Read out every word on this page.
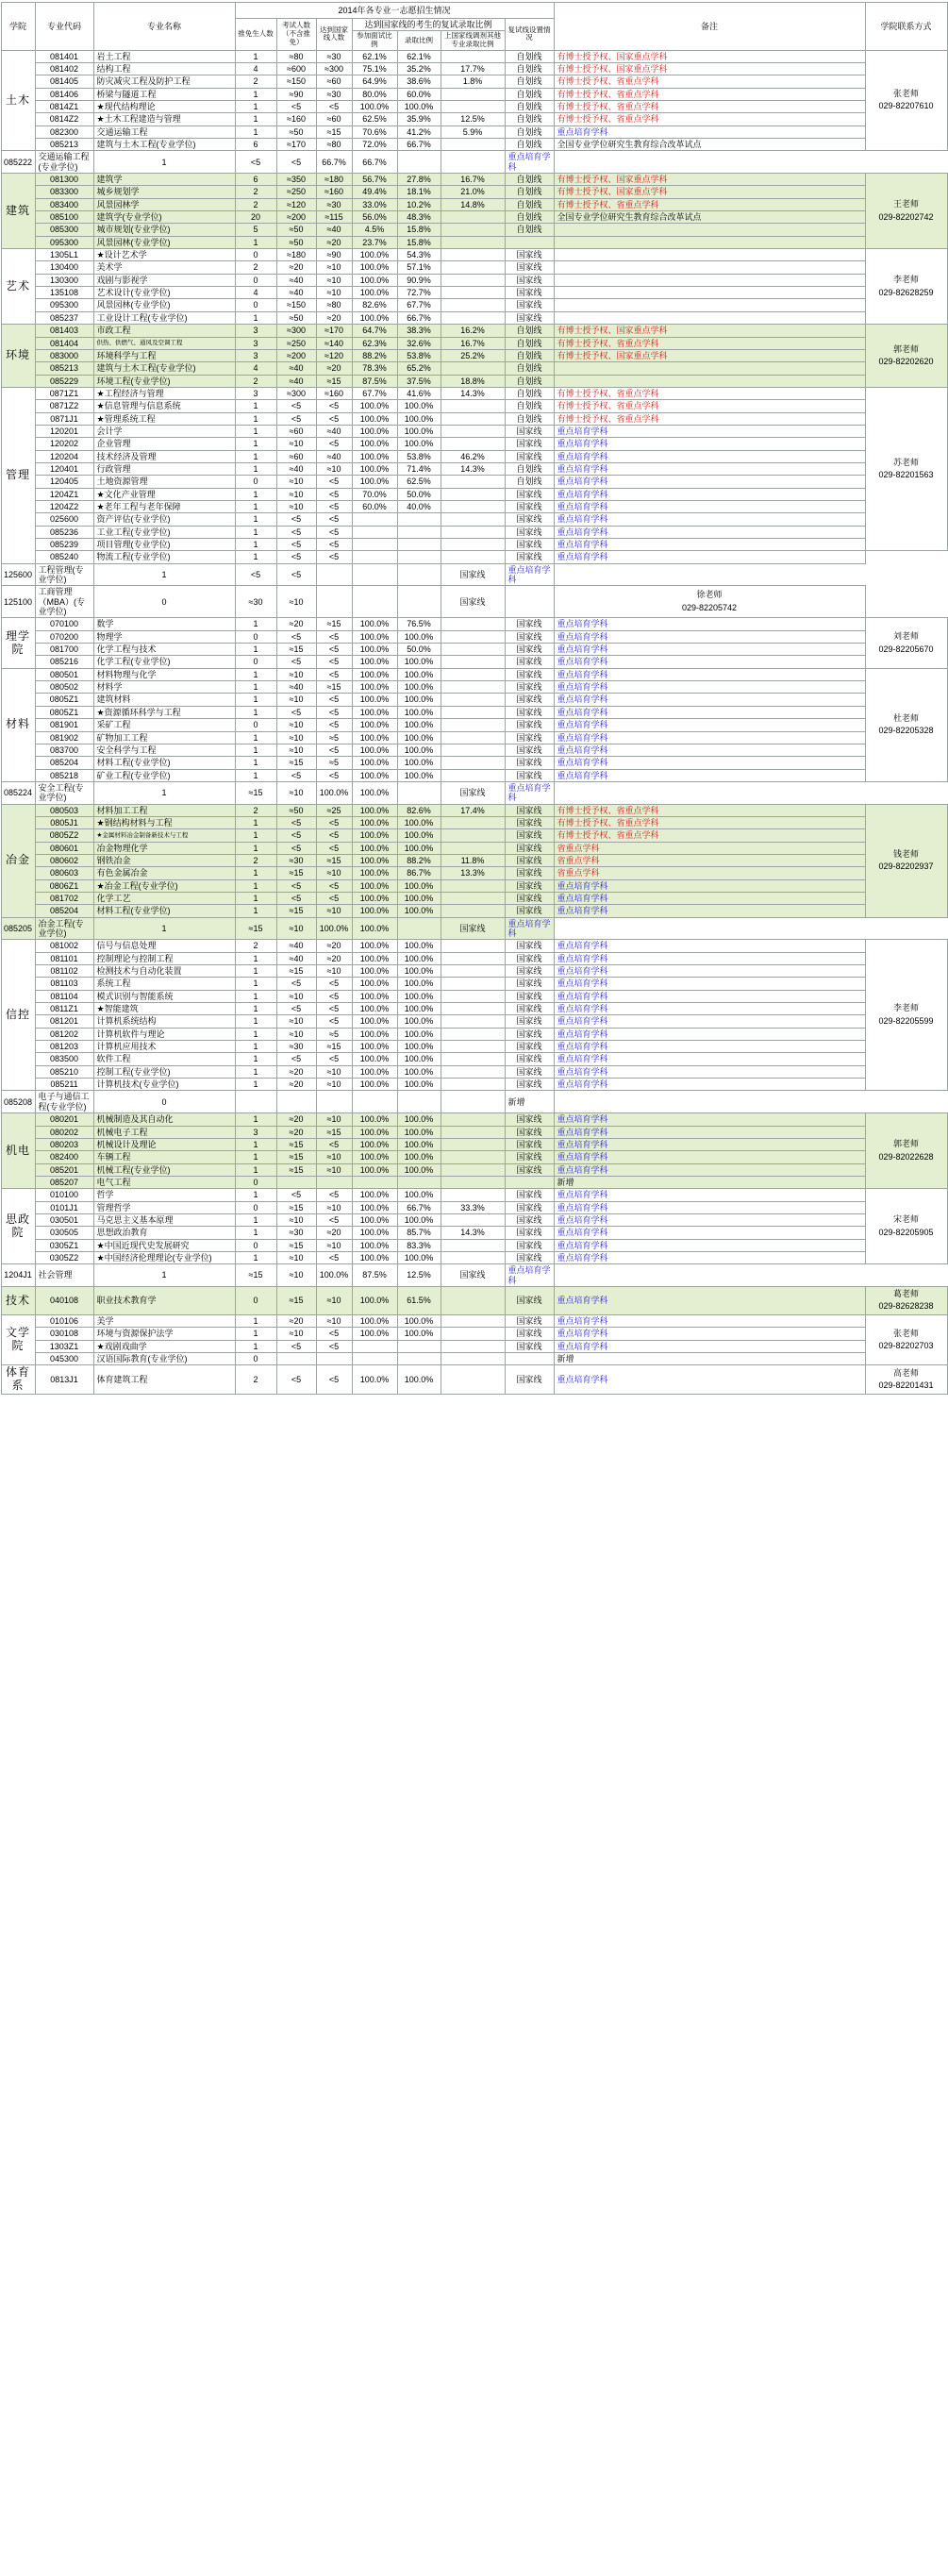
学院	专业代码	专业名称	2014年各专业一志愿招生情况							备注	学院联系方式
			推免生人数	考试人数（不含推免）	达到国家线人数	达到国家线的考生的复试录取比例			复试线设置情况		
						参加面试比例	录取比例	上国家线调剂其他专业录取比例			
土木	081401	岩土工程	1	≈80	≈30	62.1%	62.1%		自划线	有博士授予权、国家重点学科	张老师
029-82207610

	081402	结构工程	4	≈600	≈300	75.1%	35.2%	17.7%	自划线	有博士授予权、国家重点学科	
	081405	防灾减灾工程及防护工程	2	≈150	≈60	64.9%	38.6%	1.8%	自划线	有博士授予权、省重点学科	
	081406	桥梁与隧道工程	1	≈90	≈30	80.0%	60.0%		自划线	有博士授予权、省重点学科	
	0814Z1	★现代结构理论	1	<5	<5	100.0%	100.0%		自划线	有博士授予权、省重点学科	
	0814Z2	★土木工程建造与管理	1	≈160	≈60	62.5%	35.9%	12.5%	自划线	有博士授予权、省重点学科	
	082300	交通运输工程	1	≈50	≈15	70.6%	41.2%	5.9%	自划线	重点培育学科	
	085213	建筑与土木工程(专业学位)	6	≈170	≈80	72.0%	66.7%		自划线	全国专业学位研究生教育综合改革试点	
085222	交通运输工程(专业学位)	1	<5	<5	66.7%	66.7%			重点培育学科		
建筑	081300	建筑学	6	≈350	≈180	56.7%	27.8%	16.7%	自划线	有博士授予权、国家重点学科	王老师
029-82202742

	083300	城乡规划学	2	≈250	≈160	49.4%	18.1%	21.0%	自划线	有博士授予权、国家重点学科	
	083400	风景园林学	2	≈120	≈30	33.0%	10.2%	14.8%	自划线	有博士授予权、省重点学科	
	085100	建筑学(专业学位)	20	≈200	≈115	56.0%	48.3%		自划线	全国专业学位研究生教育综合改革试点	
	085300	城市规划(专业学位)	5	≈50	≈40	4.5%	15.8%		自划线		
	095300	风景园林(专业学位)	1	≈50	≈20	23.7%	15.8%				
艺术	1305L1	★设计艺术学	0	≈180	≈90	100.0%	54.3%		国家线		李老师
029-82628259

	130400	美术学	2	≈20	≈10	100.0%	57.1%		国家线		
	130300	戏剧与影视学	0	≈40	≈10	100.0%	90.9%		国家线		
	135108	艺术设计(专业学位)	4	≈40	≈10	100.0%	72.7%		国家线		
	095300	风景园林(专业学位)	0	≈150	≈80	82.6%	67.7%		国家线		
	085237	工业设计工程(专业学位)	1	≈50	≈20	100.0%	66.7%		国家线		
环境	081403	市政工程	3	≈300	≈170	64.7%	38.3%	16.2%	自划线	有博士授予权、国家重点学科	郭老师
029-82202620

	081404	供热、供燃气、通风及空调工程	3	≈250	≈140	62.3%	32.6%	16.7%	自划线	有博士授予权、省重点学科	
	083000	环境科学与工程	3	≈200	≈120	88.2%	53.8%	25.2%	自划线	有博士授予权、国家重点学科	
	085213	建筑与土木工程(专业学位)	4	≈40	≈20	78.3%	65.2%		自划线		
	085229	环境工程(专业学位)	2	≈40	≈15	87.5%	37.5%	18.8%	自划线		
管理	0871Z1	★工程经济与管理	3	≈300	≈160	67.7%	41.6%	14.3%	自划线	有博士授予权、省重点学科	苏老师
029-82201563

	0871Z2	★信息管理与信息系统	1	<5	<5	100.0%	100.0%		自划线	有博士授予权、省重点学科	
	0871J1	★管理系统工程	1	<5	<5	100.0%	100.0%		自划线	有博士授予权、省重点学科	
	120201	会计学	1	≈60	≈40	100.0%	100.0%		国家线	重点培育学科	
	120202	企业管理	1	≈10	<5	100.0%	100.0%		国家线	重点培育学科	
	120204	技术经济及管理	1	≈60	≈40	100.0%	53.8%	46.2%	国家线	重点培育学科	
	120401	行政管理	1	≈40	≈10	100.0%	71.4%	14.3%	自划线	重点培育学科	
	120405	土地资源管理	0	≈10	<5	100.0%	62.5%		自划线	重点培育学科	
	1204Z1	★文化产业管理	1	≈10	<5	70.0%	50.0%		国家线	重点培育学科	
	1204Z2	★老年工程与老年保障	1	≈10	<5	60.0%	40.0%		国家线	重点培育学科	
	025600	资产评估(专业学位)	1	<5	<5				国家线	重点培育学科	
	085236	工业工程(专业学位)	1	<5	<5				国家线	重点培育学科	
	085239	项目管理(专业学位)	1	<5	<5				国家线	重点培育学科	
	085240	物流工程(专业学位)	1	<5	<5				国家线	重点培育学科	
125600	工程管理(专业学位)	1	<5	<5				国家线	重点培育学科		
125100	工商管理（MBA）(专业学位)	0	≈30	≈10				国家线		徐老师
029-82205742	

理学院	070100	数学	1	≈20	≈15	100.0%	76.5%		国家线	重点培育学科	刘老师
029-82205670

	070200	物理学	0	<5	<5	100.0%	100.0%		国家线	重点培育学科	
	081700	化学工程与技术	1	≈15	<5	100.0%	50.0%		国家线	重点培育学科	
	085216	化学工程(专业学位)	0	<5	<5	100.0%	100.0%		国家线	重点培育学科	
材料	080501	材料物理与化学	1	≈10	<5	100.0%	100.0%		国家线	重点培育学科	杜老师
029-82205328

	080502	材料学	1	≈40	≈15	100.0%	100.0%		国家线	重点培育学科	
	0805Z1	建筑材料	1	≈10	<5	100.0%	100.0%		国家线	重点培育学科	
	0805Z1	★资源循环科学与工程	1	<5	<5	100.0%	100.0%		国家线	重点培育学科	
	081901	采矿工程	0	≈10	<5	100.0%	100.0%		国家线	重点培育学科	
	081902	矿物加工工程	1	≈10	≈5	100.0%	100.0%		国家线	重点培育学科	
	083700	安全科学与工程	1	≈10	<5	100.0%	100.0%		国家线	重点培育学科	
	085204	材料工程(专业学位)	1	≈15	≈5	100.0%	100.0%		国家线	重点培育学科	
	085218	矿业工程(专业学位)	1	<5	<5	100.0%	100.0%		国家线	重点培育学科	
085224	安全工程(专业学位)	1	≈15	≈10	100.0%	100.0%		国家线	重点培育学科		
冶金	080503	材料加工工程	2	≈50	≈25	100.0%	82.6%	17.4%	国家线	有博士授予权、省重点学科	钱老师
029-82202937

	0805J1	★钢结构材料与工程	1	<5	<5	100.0%	100.0%		国家线	有博士授予权、省重点学科	
	0805Z2	★金属材料冶金制备新技术与工程	1	<5	<5	100.0%	100.0%		国家线	有博士授予权、省重点学科	
	080601	冶金物理化学	1	<5	<5	100.0%	100.0%		国家线	省重点学科	
	080602	钢铁冶金	2	≈30	≈15	100.0%	88.2%	11.8%	国家线	省重点学科	
	080603	有色金属冶金	1	≈15	≈10	100.0%	86.7%	13.3%	国家线	省重点学科	
	0806Z1	★冶金工程(专业学位)	1	<5	<5	100.0%	100.0%		国家线	重点培育学科	
	081702	化学工艺	1	<5	<5	100.0%	100.0%		国家线	重点培育学科	
	085204	材料工程(专业学位)	1	≈15	≈10	100.0%	100.0%		国家线	重点培育学科	
085205	冶金工程(专业学位)	1	≈15	≈10	100.0%	100.0%		国家线	重点培育学科		
信控	081002	信号与信息处理	2	≈40	≈20	100.0%	100.0%		国家线	重点培育学科	李老师
029-82205599

	081101	控制理论与控制工程	1	≈40	≈20	100.0%	100.0%		国家线	重点培育学科	
	081102	检测技术与自动化装置	1	≈15	≈10	100.0%	100.0%		国家线	重点培育学科	
	081103	系统工程	1	<5	<5	100.0%	100.0%		国家线	重点培育学科	
	081104	模式识别与智能系统	1	≈10	<5	100.0%	100.0%		国家线	重点培育学科	
	0811Z1	★智能建筑	1	<5	<5	100.0%	100.0%		国家线	重点培育学科	
	081201	计算机系统结构	1	≈10	<5	100.0%	100.0%		国家线	重点培育学科	
	081202	计算机软件与理论	1	≈10	≈5	100.0%	100.0%		国家线	重点培育学科	
	081203	计算机应用技术	1	≈30	≈15	100.0%	100.0%		国家线	重点培育学科	
	083500	软件工程	1	<5	<5	100.0%	100.0%		国家线	重点培育学科	
	085210	控制工程(专业学位)	1	≈20	≈10	100.0%	100.0%		国家线	重点培育学科	
	085211	计算机技术(专业学位)	1	≈20	≈10	100.0%	100.0%		国家线	重点培育学科	
085208	电子与通信工程(专业学位)	0							新增		
机电	080201	机械制造及其自动化	1	≈20	≈10	100.0%	100.0%		国家线	重点培育学科	郭老师
029-82022628

	080202	机械电子工程	3	≈20	≈15	100.0%	100.0%		国家线	重点培育学科	
	080203	机械设计及理论	1	≈15	<5	100.0%	100.0%		国家线	重点培育学科	
	082400	车辆工程	1	≈15	≈10	100.0%	100.0%		国家线	重点培育学科	
	085201	机械工程(专业学位)	1	≈15	≈10	100.0%	100.0%		国家线	重点培育学科	
	085207	电气工程	0							新增	
思政院	010100	哲学	1	<5	<5	100.0%	100.0%		国家线	重点培育学科	宋老师
029-82205905

	0101J1	管理哲学	0	≈15	≈10	100.0%	66.7%	33.3%	国家线	重点培育学科	
	030501	马克思主义基本原理	1	≈10	<5	100.0%	100.0%		国家线	重点培育学科	
	030505	思想政治教育	1	≈30	≈20	100.0%	85.7%	14.3%	国家线	重点培育学科	
	0305Z1	★中国近现代史发展研究	0	≈15	≈10	100.0%	83.3%		国家线	重点培育学科	
	0305Z2	★中国经济伦理理论(专业学位)	1	≈10	<5	100.0%	100.0%		国家线	重点培育学科	
1204J1	社会管理	1	≈15	≈10	100.0%	87.5%	12.5%	国家线	重点培育学科		
技术	040108	职业技术教育学	0	≈15	≈10	100.0%	61.5%		国家线	重点培育学科	葛老师
029-82628238

文学院	010106	美学	1	≈20	≈10	100.0%	100.0%		国家线	重点培育学科	张老师
029-82202703

	030108	环境与资源保护法学	1	≈10	<5	100.0%	100.0%		国家线	重点培育学科	
	1303Z1	★戏剧戏曲学	1	<5	<5				国家线	重点培育学科	
	045300	汉语国际教育(专业学位)	0							新增	
体育系	0813J1	体育建筑工程	2	<5	<5	100.0%	100.0%		国家线	重点培育学科	高老师
029-82201431
